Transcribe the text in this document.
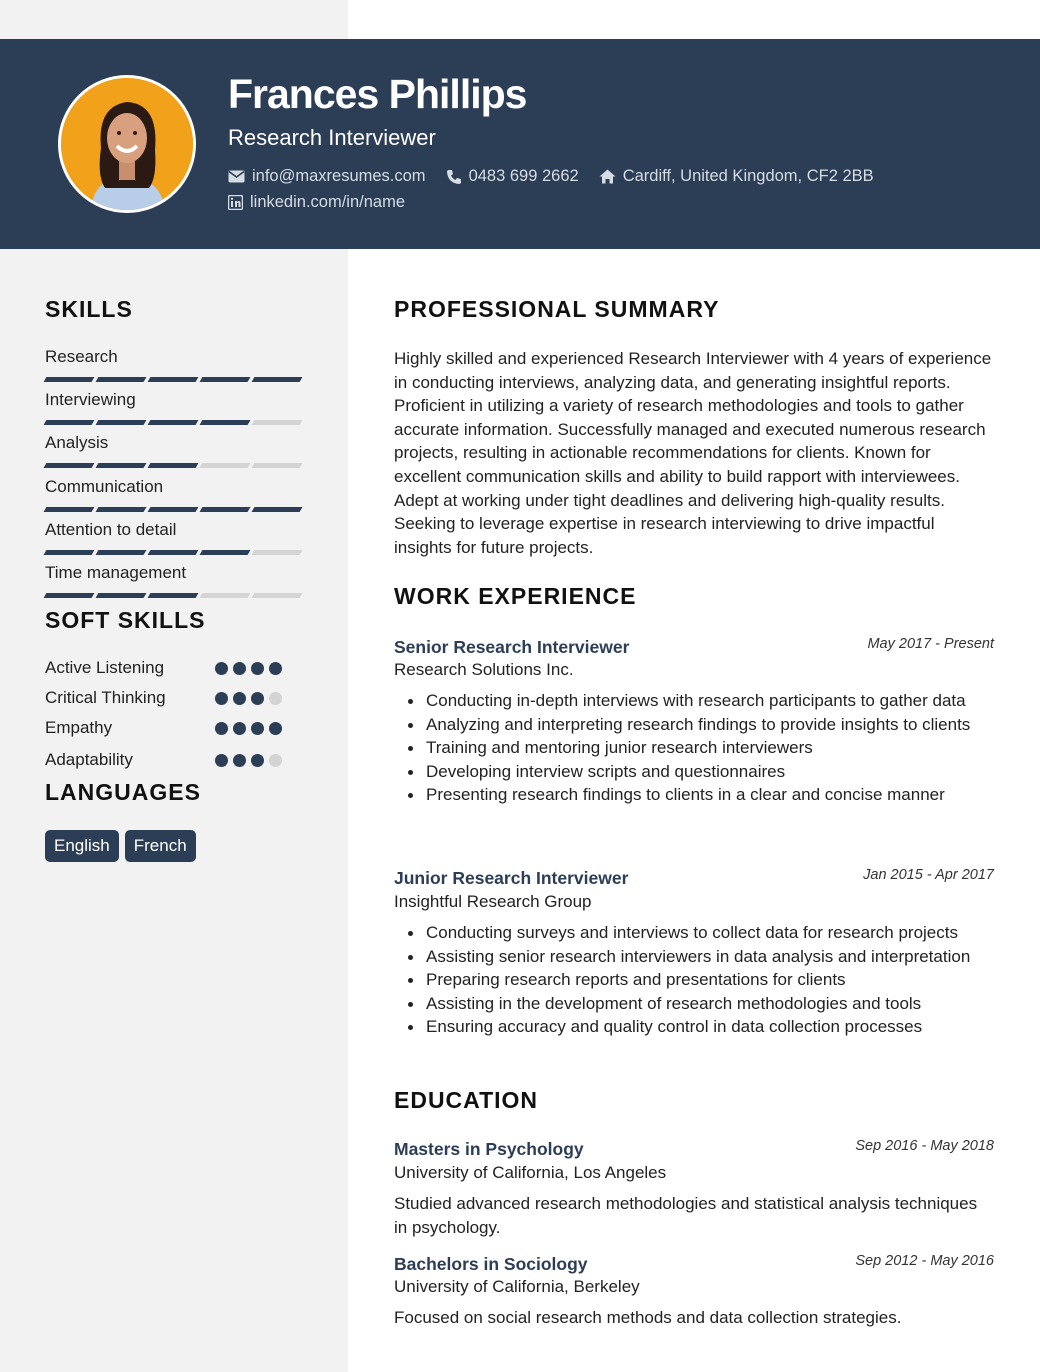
Frances Phillips
Research Interviewer
info@maxresumes.com	0483 699 2662	Cardiff, United Kingdom, CF2 2BB
linkedin.com/in/name
SKILLS
Research
Interviewing
Analysis
Communication
Attention to detail
Time management
SOFT SKILLS
Active Listening
Critical Thinking
Empathy
Adaptability
LANGUAGES
English	French
PROFESSIONAL SUMMARY
Highly skilled and experienced Research Interviewer with 4 years of experience in conducting interviews, analyzing data, and generating insightful reports. Proficient in utilizing a variety of research methodologies and tools to gather accurate information. Successfully managed and executed numerous research projects, resulting in actionable recommendations for clients. Known for excellent communication skills and ability to build rapport with interviewees. Adept at working under tight deadlines and delivering high-quality results. Seeking to leverage expertise in research interviewing to drive impactful insights for future projects.
WORK EXPERIENCE
Senior Research Interviewer	May 2017 - Present
Research Solutions Inc.
Conducting in-depth interviews with research participants to gather data
Analyzing and interpreting research findings to provide insights to clients
Training and mentoring junior research interviewers
Developing interview scripts and questionnaires
Presenting research findings to clients in a clear and concise manner
Junior Research Interviewer	Jan 2015 - Apr 2017
Insightful Research Group
Conducting surveys and interviews to collect data for research projects
Assisting senior research interviewers in data analysis and interpretation
Preparing research reports and presentations for clients
Assisting in the development of research methodologies and tools
Ensuring accuracy and quality control in data collection processes
EDUCATION
Masters in Psychology	Sep 2016 - May 2018
University of California, Los Angeles
Studied advanced research methodologies and statistical analysis techniques in psychology.
Bachelors in Sociology	Sep 2012 - May 2016
University of California, Berkeley
Focused on social research methods and data collection strategies.
